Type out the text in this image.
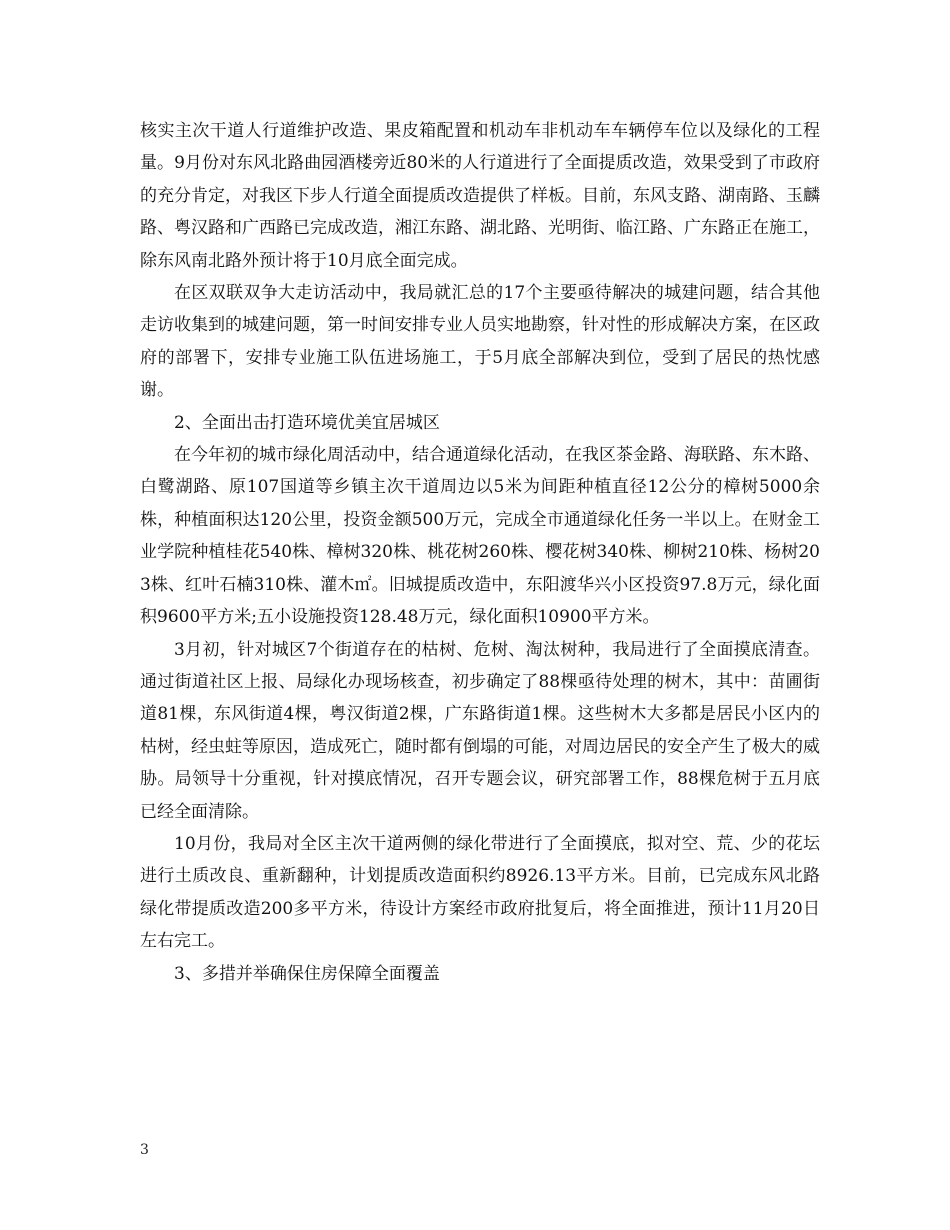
核实主次干道人行道维护改造、果皮箱配置和机动车非机动车车辆停车位以及绿化的工程量。9月份对东风北路曲园酒楼旁近80米的人行道进行了全面提质改造，效果受到了市政府的充分肯定，对我区下步人行道全面提质改造提供了样板。目前，东风支路、湖南路、玉麟路、粤汉路和广西路已完成改造，湘江东路、湖北路、光明街、临江路、广东路正在施工，除东风南北路外预计将于10月底全面完成。

在区双联双争大走访活动中，我局就汇总的17个主要亟待解决的城建问题，结合其他走访收集到的城建问题，第一时间安排专业人员实地勘察，针对性的形成解决方案，在区政府的部署下，安排专业施工队伍进场施工，于5月底全部解决到位，受到了居民的热忱感谢。

2、全面出击打造环境优美宜居城区

在今年初的城市绿化周活动中，结合通道绿化活动，在我区茶金路、海联路、东木路、白鹭湖路、原107国道等乡镇主次干道周边以5米为间距种植直径12公分的樟树5000余株，种植面积达120公里，投资金额500万元，完成全市通道绿化任务一半以上。在财金工业学院种植桂花540株、樟树320株、桃花树260株、樱花树340株、柳树210株、杨树203株、红叶石楠310株、灌木㎡。旧城提质改造中，东阳渡华兴小区投资97.8万元，绿化面积9600平方米;五小设施投资128.48万元，绿化面积10900平方米。

3月初，针对城区7个街道存在的枯树、危树、淘汰树种，我局进行了全面摸底清查。通过街道社区上报、局绿化办现场核查，初步确定了88棵亟待处理的树木，其中：苗圃街道81棵，东风街道4棵，粤汉街道2棵，广东路街道1棵。这些树木大多都是居民小区内的枯树，经虫蛀等原因，造成死亡，随时都有倒塌的可能，对周边居民的安全产生了极大的威胁。局领导十分重视，针对摸底情况，召开专题会议，研究部署工作，88棵危树于五月底已经全面清除。

10月份，我局对全区主次干道两侧的绿化带进行了全面摸底，拟对空、荒、少的花坛进行土质改良、重新翻种，计划提质改造面积约8926.13平方米。目前，已完成东风北路绿化带提质改造200多平方米，待设计方案经市政府批复后，将全面推进，预计11月20日左右完工。

3、多措并举确保住房保障全面覆盖

3
